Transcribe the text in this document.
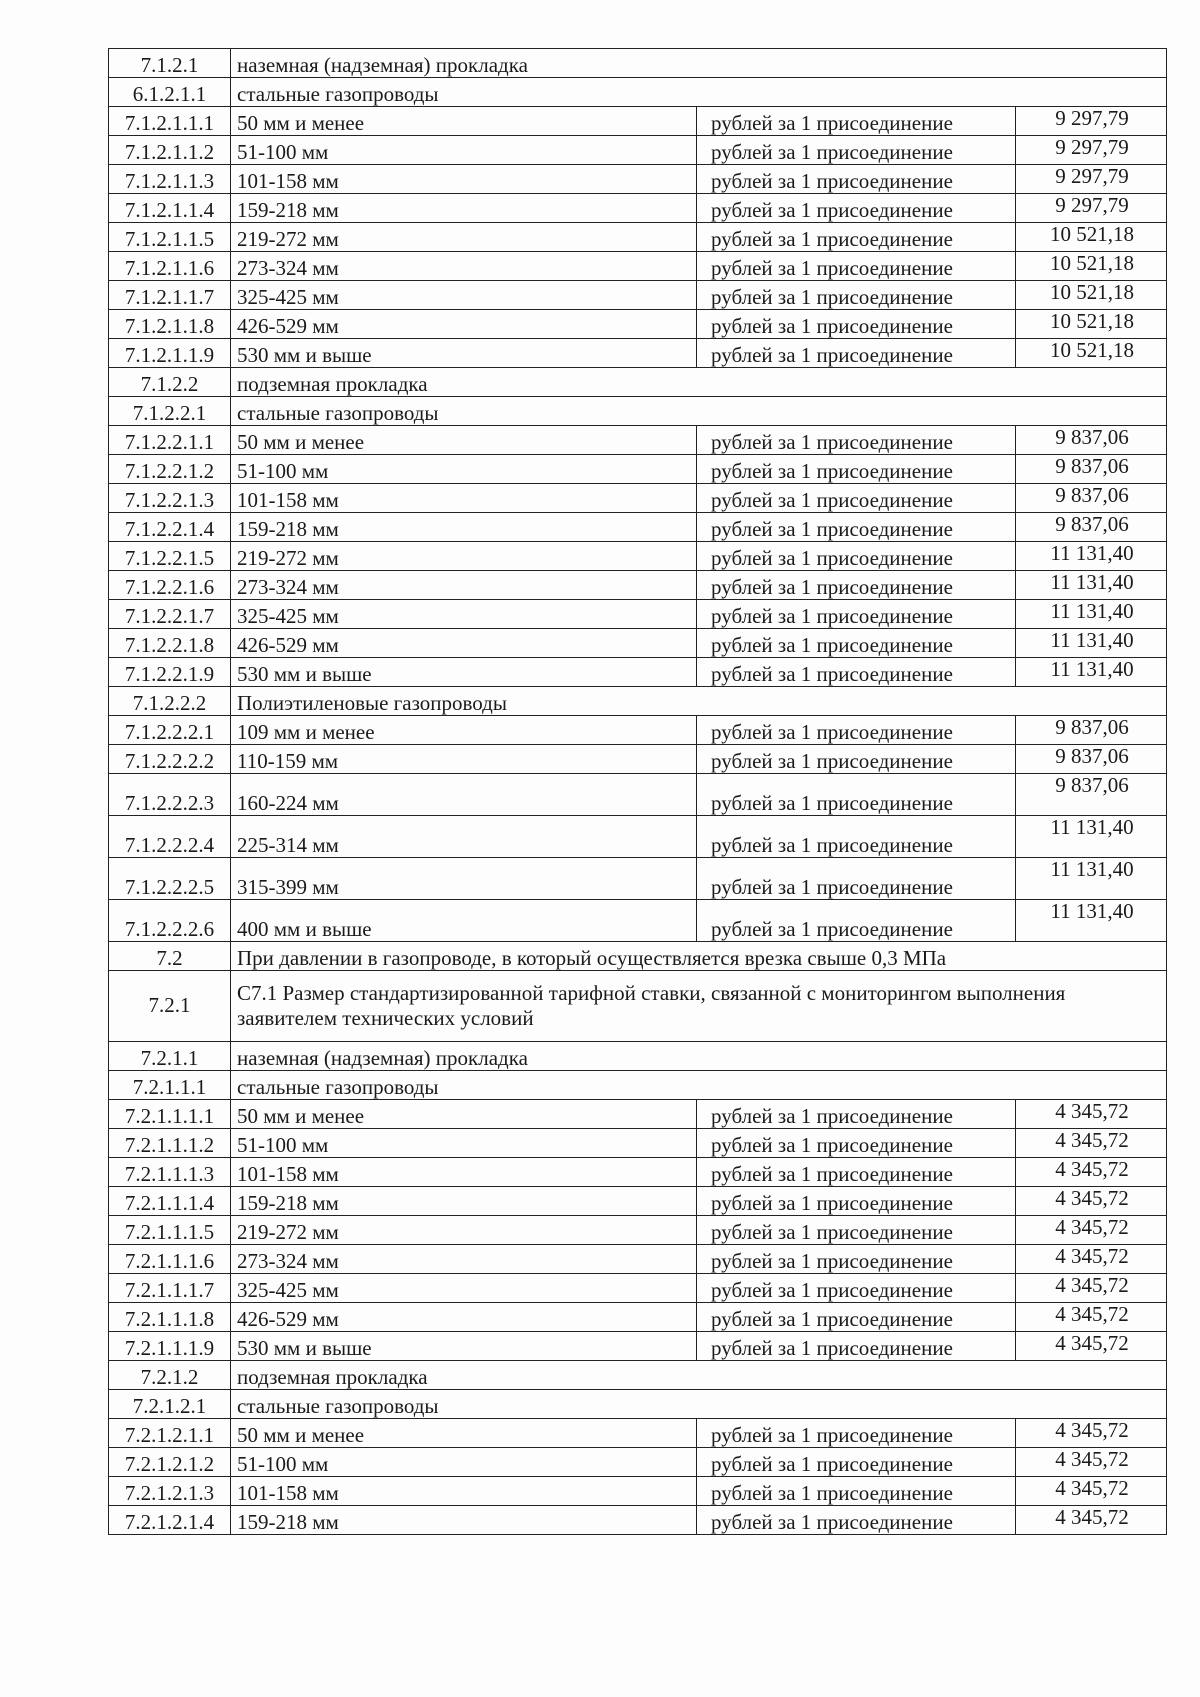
7.1.2.1	наземная (надземная) прокладка		
6.1.2.1.1	стальные газопроводы		
7.1.2.1.1.1	50 мм и менее	рублей за 1 присоединение	9 297,79
7.1.2.1.1.2	51-100 мм	рублей за 1 присоединение	9 297,79
7.1.2.1.1.3	101-158 мм	рублей за 1 присоединение	9 297,79
7.1.2.1.1.4	159-218 мм	рублей за 1 присоединение	9 297,79
7.1.2.1.1.5	219-272 мм	рублей за 1 присоединение	10 521,18
7.1.2.1.1.6	273-324 мм	рублей за 1 присоединение	10 521,18
7.1.2.1.1.7	325-425 мм	рублей за 1 присоединение	10 521,18
7.1.2.1.1.8	426-529 мм	рублей за 1 присоединение	10 521,18
7.1.2.1.1.9	530 мм и выше	рублей за 1 присоединение	10 521,18
7.1.2.2	подземная прокладка		
7.1.2.2.1	стальные газопроводы		
7.1.2.2.1.1	50 мм и менее	рублей за 1 присоединение	9 837,06
7.1.2.2.1.2	51-100 мм	рублей за 1 присоединение	9 837,06
7.1.2.2.1.3	101-158 мм	рублей за 1 присоединение	9 837,06
7.1.2.2.1.4	159-218 мм	рублей за 1 присоединение	9 837,06
7.1.2.2.1.5	219-272 мм	рублей за 1 присоединение	11 131,40
7.1.2.2.1.6	273-324 мм	рублей за 1 присоединение	11 131,40
7.1.2.2.1.7	325-425 мм	рублей за 1 присоединение	11 131,40
7.1.2.2.1.8	426-529 мм	рублей за 1 присоединение	11 131,40
7.1.2.2.1.9	530 мм и выше	рублей за 1 присоединение	11 131,40
7.1.2.2.2	Полиэтиленовые газопроводы		
7.1.2.2.2.1	109 мм и менее	рублей за 1 присоединение	9 837,06
7.1.2.2.2.2	110-159 мм	рублей за 1 присоединение	9 837,06
7.1.2.2.2.3	160-224 мм	рублей за 1 присоединение	9 837,06
7.1.2.2.2.4	225-314 мм	рублей за 1 присоединение	11 131,40
7.1.2.2.2.5	315-399 мм	рублей за 1 присоединение	11 131,40
7.1.2.2.2.6	400 мм и выше	рублей за 1 присоединение	11 131,40
7.2	При давлении в газопроводе, в который осуществляется врезка свыше 0,3 МПа		
7.2.1	С7.1 Размер стандартизированной тарифной ставки, связанной с мониторингом выполнения заявителем технических условий		
7.2.1.1	наземная (надземная) прокладка		
7.2.1.1.1	стальные газопроводы		
7.2.1.1.1.1	50 мм и менее	рублей за 1 присоединение	4 345,72
7.2.1.1.1.2	51-100 мм	рублей за 1 присоединение	4 345,72
7.2.1.1.1.3	101-158 мм	рублей за 1 присоединение	4 345,72
7.2.1.1.1.4	159-218 мм	рублей за 1 присоединение	4 345,72
7.2.1.1.1.5	219-272 мм	рублей за 1 присоединение	4 345,72
7.2.1.1.1.6	273-324 мм	рублей за 1 присоединение	4 345,72
7.2.1.1.1.7	325-425 мм	рублей за 1 присоединение	4 345,72
7.2.1.1.1.8	426-529 мм	рублей за 1 присоединение	4 345,72
7.2.1.1.1.9	530 мм и выше	рублей за 1 присоединение	4 345,72
7.2.1.2	подземная прокладка		
7.2.1.2.1	стальные газопроводы		
7.2.1.2.1.1	50 мм и менее	рублей за 1 присоединение	4 345,72
7.2.1.2.1.2	51-100 мм	рублей за 1 присоединение	4 345,72
7.2.1.2.1.3	101-158 мм	рублей за 1 присоединение	4 345,72
7.2.1.2.1.4	159-218 мм	рублей за 1 присоединение	4 345,72
